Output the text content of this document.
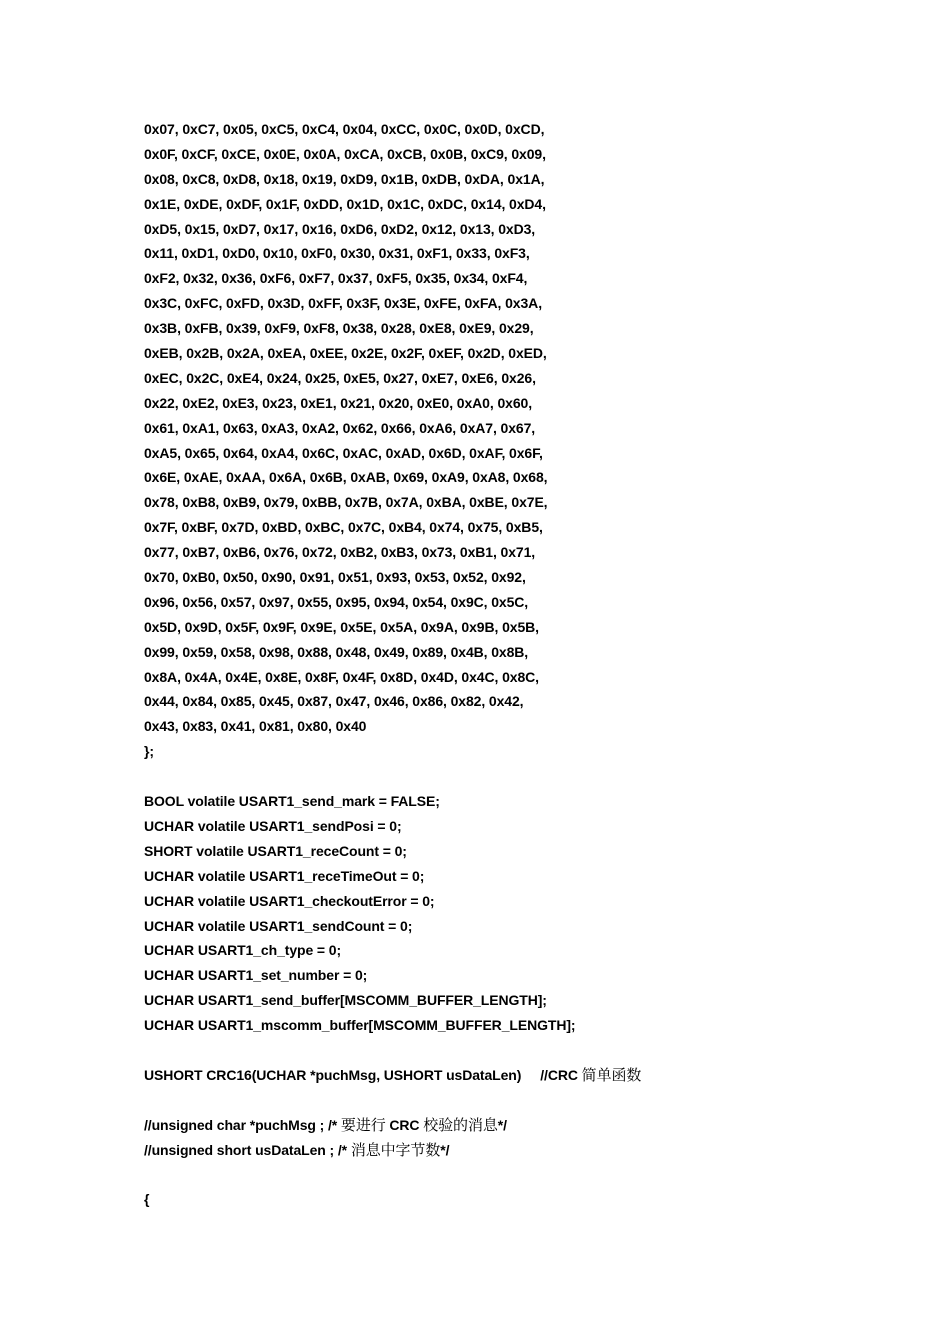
0x07, 0xC7, 0x05, 0xC5, 0xC4, 0x04, 0xCC, 0x0C, 0x0D, 0xCD,
0x0F, 0xCF, 0xCE, 0x0E, 0x0A, 0xCA, 0xCB, 0x0B, 0xC9, 0x09,
0x08, 0xC8, 0xD8, 0x18, 0x19, 0xD9, 0x1B, 0xDB, 0xDA, 0x1A,
0x1E, 0xDE, 0xDF, 0x1F, 0xDD, 0x1D, 0x1C, 0xDC, 0x14, 0xD4,
0xD5, 0x15, 0xD7, 0x17, 0x16, 0xD6, 0xD2, 0x12, 0x13, 0xD3,
0x11, 0xD1, 0xD0, 0x10, 0xF0, 0x30, 0x31, 0xF1, 0x33, 0xF3,
0xF2, 0x32, 0x36, 0xF6, 0xF7, 0x37, 0xF5, 0x35, 0x34, 0xF4,
0x3C, 0xFC, 0xFD, 0x3D, 0xFF, 0x3F, 0x3E, 0xFE, 0xFA, 0x3A,
0x3B, 0xFB, 0x39, 0xF9, 0xF8, 0x38, 0x28, 0xE8, 0xE9, 0x29,
0xEB, 0x2B, 0x2A, 0xEA, 0xEE, 0x2E, 0x2F, 0xEF, 0x2D, 0xED,
0xEC, 0x2C, 0xE4, 0x24, 0x25, 0xE5, 0x27, 0xE7, 0xE6, 0x26,
0x22, 0xE2, 0xE3, 0x23, 0xE1, 0x21, 0x20, 0xE0, 0xA0, 0x60,
0x61, 0xA1, 0x63, 0xA3, 0xA2, 0x62, 0x66, 0xA6, 0xA7, 0x67,
0xA5, 0x65, 0x64, 0xA4, 0x6C, 0xAC, 0xAD, 0x6D, 0xAF, 0x6F,
0x6E, 0xAE, 0xAA, 0x6A, 0x6B, 0xAB, 0x69, 0xA9, 0xA8, 0x68,
0x78, 0xB8, 0xB9, 0x79, 0xBB, 0x7B, 0x7A, 0xBA, 0xBE, 0x7E,
0x7F, 0xBF, 0x7D, 0xBD, 0xBC, 0x7C, 0xB4, 0x74, 0x75, 0xB5,
0x77, 0xB7, 0xB6, 0x76, 0x72, 0xB2, 0xB3, 0x73, 0xB1, 0x71,
0x70, 0xB0, 0x50, 0x90, 0x91, 0x51, 0x93, 0x53, 0x52, 0x92,
0x96, 0x56, 0x57, 0x97, 0x55, 0x95, 0x94, 0x54, 0x9C, 0x5C,
0x5D, 0x9D, 0x5F, 0x9F, 0x9E, 0x5E, 0x5A, 0x9A, 0x9B, 0x5B,
0x99, 0x59, 0x58, 0x98, 0x88, 0x48, 0x49, 0x89, 0x4B, 0x8B,
0x8A, 0x4A, 0x4E, 0x8E, 0x8F, 0x4F, 0x8D, 0x4D, 0x4C, 0x8C,
0x44, 0x84, 0x85, 0x45, 0x87, 0x47, 0x46, 0x86, 0x82, 0x42,
0x43, 0x83, 0x41, 0x81, 0x80, 0x40
};
BOOL volatile USART1_send_mark = FALSE;
UCHAR volatile USART1_sendPosi = 0;
SHORT volatile USART1_receCount = 0;
UCHAR volatile USART1_receTimeOut = 0;
UCHAR volatile USART1_checkoutError = 0;
UCHAR volatile USART1_sendCount = 0;
UCHAR USART1_ch_type = 0;
UCHAR USART1_set_number = 0;
UCHAR USART1_send_buffer[MSCOMM_BUFFER_LENGTH];
UCHAR USART1_mscomm_buffer[MSCOMM_BUFFER_LENGTH];
USHORT CRC16(UCHAR *puchMsg, USHORT usDataLen)     //CRC 简单函数
//unsigned char *puchMsg ; /* 要进行 CRC 校验的消息*/
//unsigned short usDataLen ; /* 消息中字节数*/
{
